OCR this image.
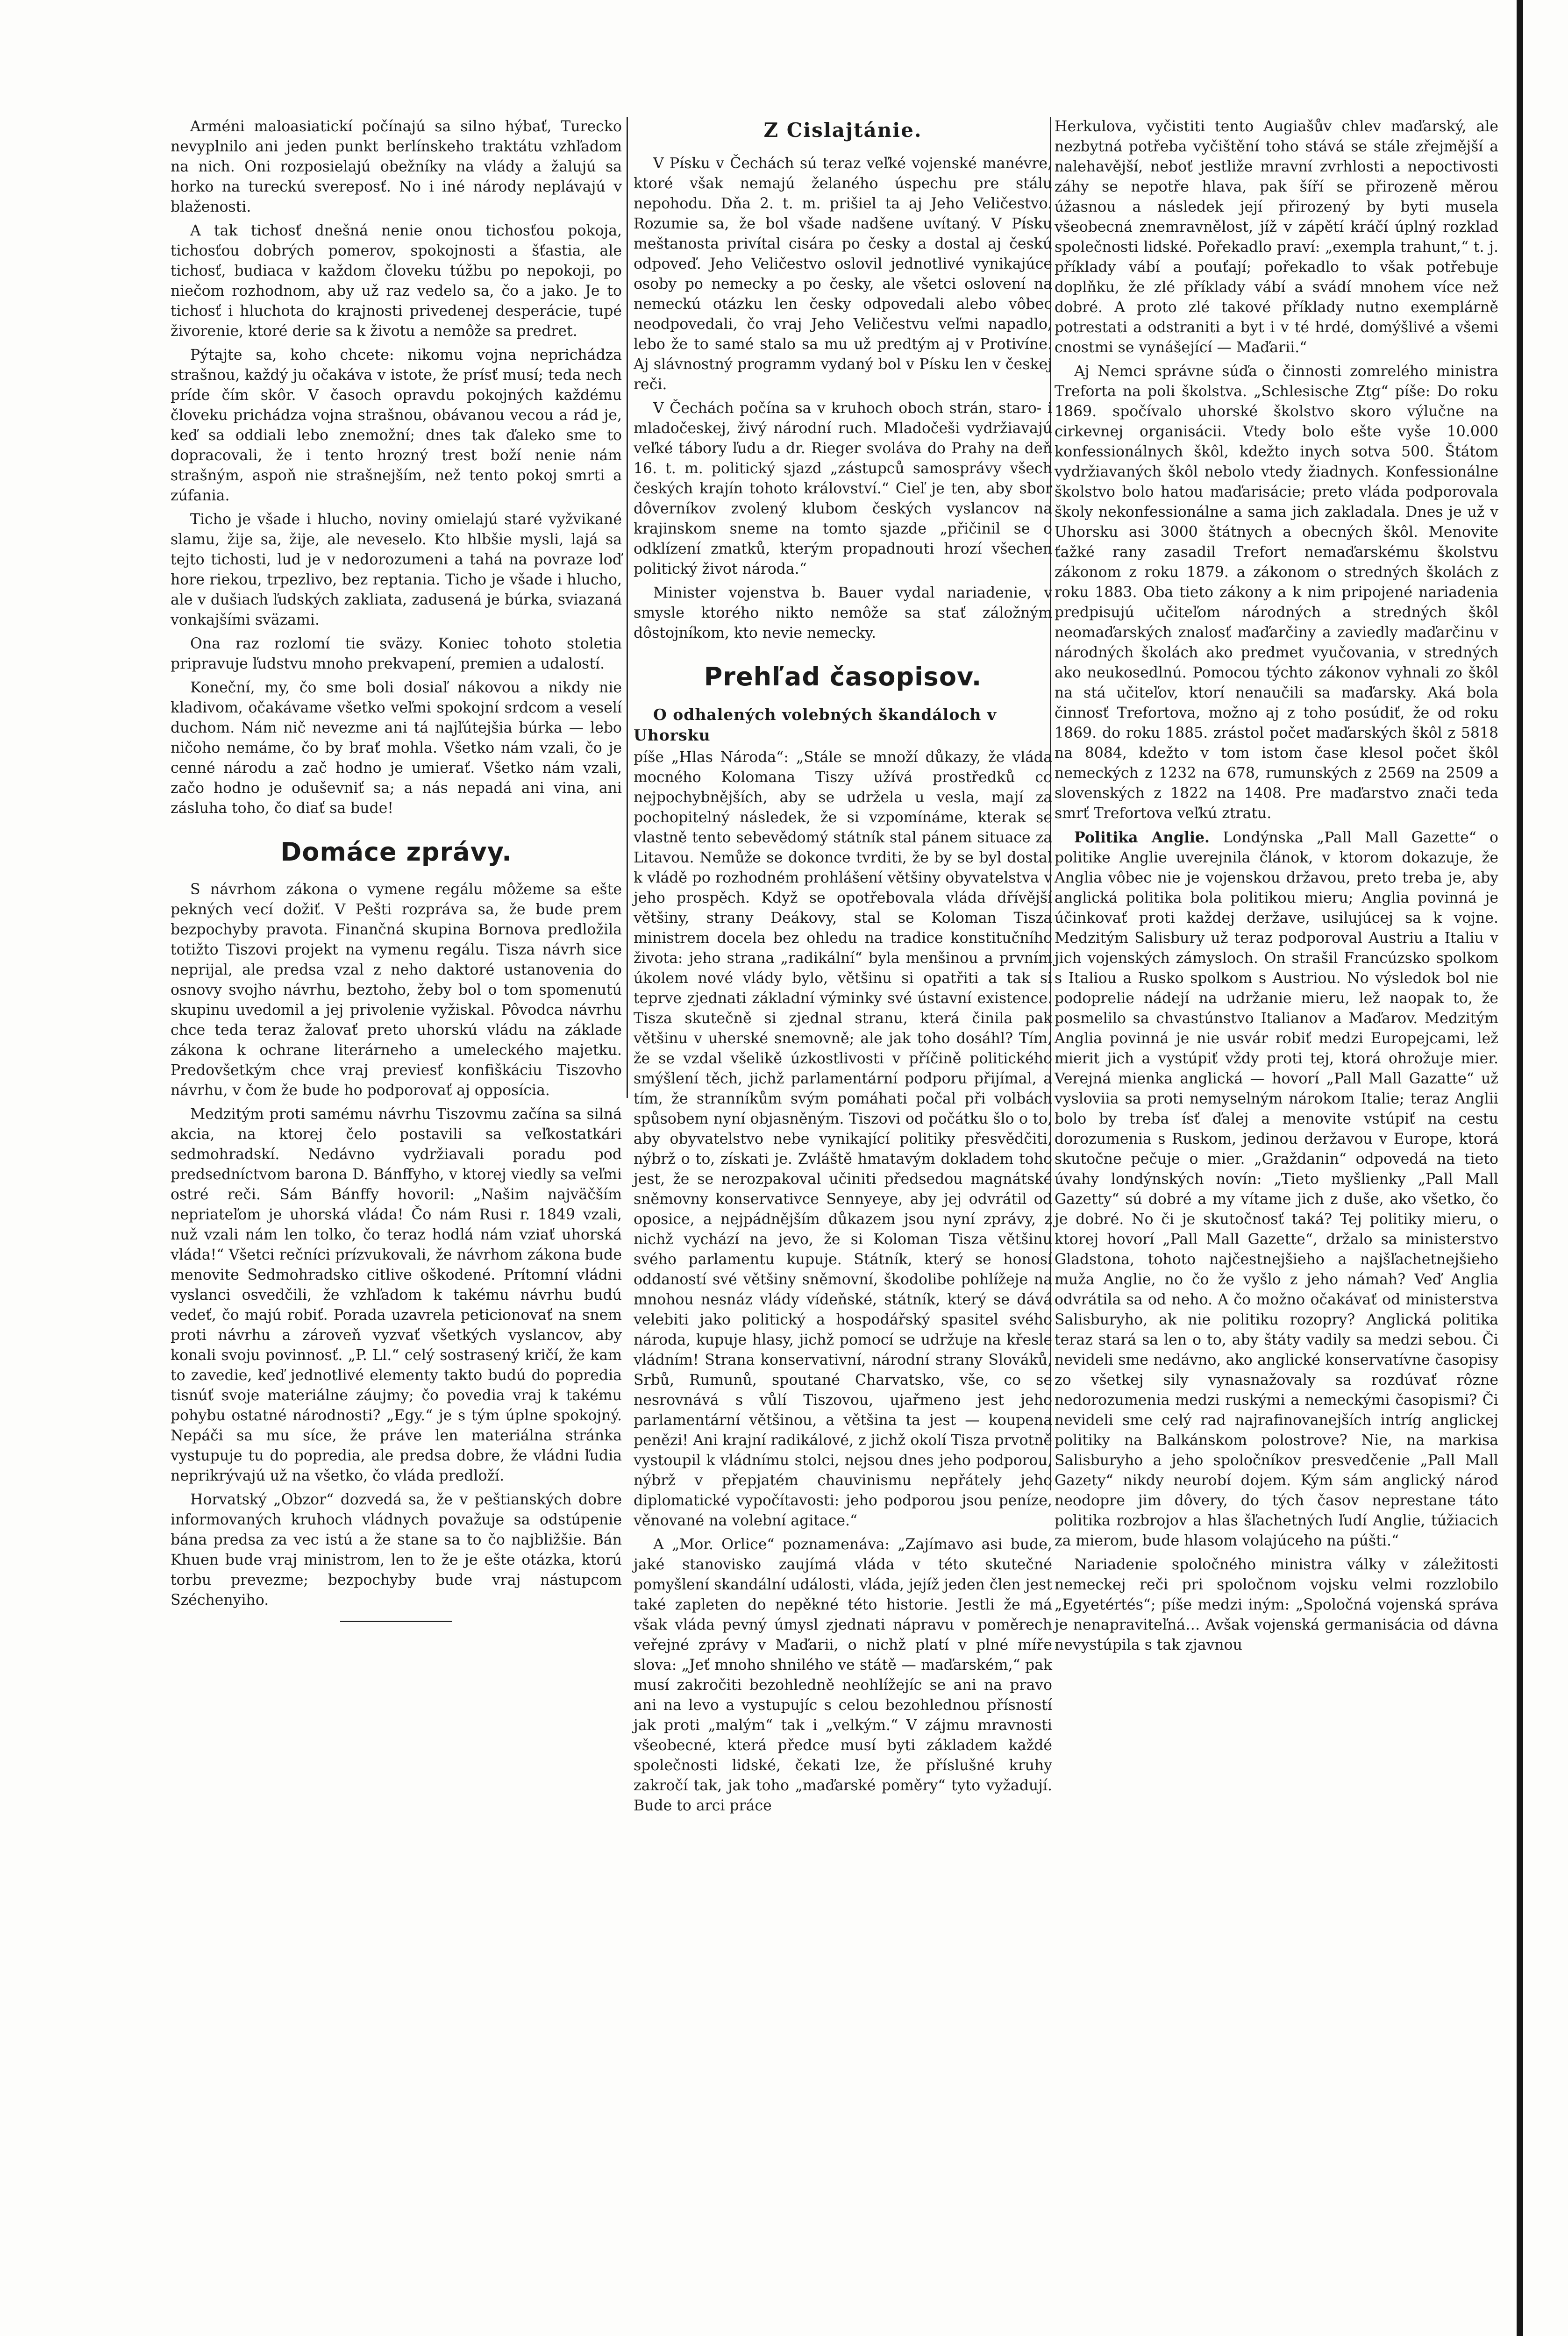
Arméni maloasiatickí počínajú sa silno hýbať, Turecko nevyplnilo ani jeden punkt berlínskeho traktátu vzhľadom na nich. Oni rozposielajú obežníky na vlády a žalujú sa horko na tureckú svereposť. No i iné národy neplávajú v blaženosti.

A tak tichosť dnešná nenie onou tichosťou pokoja, tichosťou dobrých pomerov, spokojnosti a šťastia, ale tichosť, budiaca v každom človeku túžbu po nepokoji, po niečom rozhodnom, aby už raz vedelo sa, čo a jako. Je to tichosť i hluchota do krajnosti privedenej desperácie, tupé živorenie, ktoré derie sa k životu a nemôže sa predret.

Pýtajte sa, koho chcete: nikomu vojna neprichádza strašnou, každý ju očakáva v istote, že prísť musí; teda nech príde čím skôr. V časoch opravdu pokojných každému človeku prichádza vojna strašnou, obávanou vecou a rád je, keď sa oddiali lebo znemožní; dnes tak ďaleko sme to dopracovali, že i tento hrozný trest boží nenie nám strašným, aspoň nie strašnejším, než tento pokoj smrti a zúfania.

Ticho je všade i hlucho, noviny omielajú staré vyžvikané slamu, žije sa, žije, ale neveselo. Kto hlbšie mysli, lajá sa tejto tichosti, lud je v nedorozumeni a tahá na povraze loď hore riekou, trpezlivo, bez reptania. Ticho je všade i hlucho, ale v dušiach ľudských zakliata, zadusená je búrka, sviazaná vonkajšími sväzami.

Ona raz rozlomí tie sväzy. Koniec tohoto stoletia pripravuje ľudstvu mnoho prekvapení, premien a udalostí.

Koneční, my, čo sme boli dosiaľ nákovou a nikdy nie kladivom, očakávame všetko veľmi spokojní srdcom a veselí duchom. Nám nič nevezme ani tá najľútejšia búrka — lebo ničoho nemáme, čo by brať mohla. Všetko nám vzali, čo je cenné národu a zač hodno je umierať. Všetko nám vzali, začo hodno je oduševniť sa; a nás nepadá ani vina, ani zásluha toho, čo diať sa bude!

Domáce zprávy.

S návrhom zákona o vymene regálu môžeme sa ešte pekných vecí dožiť. V Pešti rozpráva sa, že bude prem bezpochyby pravota. Finančná skupina Bornova predložila totižto Tiszovi projekt na vymenu regálu. Tisza návrh sice neprijal, ale predsa vzal z neho daktoré ustanovenia do osnovy svojho návrhu, beztoho, žeby bol o tom spomenutú skupinu uvedomil a jej privolenie vyžiskal. Pôvodca návrhu chce teda teraz žalovať preto uhorskú vládu na základe zákona k ochrane literárneho a umeleckého majetku. Predovšetkým chce vraj previesť konfiškáciu Tiszovho návrhu, v čom že bude ho podporovať aj opposícia.

Medzitým proti samému návrhu Tiszovmu začína sa silná akcia, na ktorej čelo postavili sa veľkostatkári sedmohradskí. Nedávno vydržiavali poradu pod predsedníctvom barona D. Bánffyho, v ktorej viedly sa veľmi ostré reči. Sám Bánffy hovoril: „Našim najväčším nepriateľom je uhorská vláda! Čo nám Rusi r. 1849 vzali, nuž vzali nám len tolko, čo teraz hodlá nám vziať uhorská vláda!“ Všetci rečníci prízvukovali, že návrhom zákona bude menovite Sedmohradsko citlive oškodené. Prítomní vládni vyslanci osvedčili, že vzhľadom k takému návrhu budú vedeť, čo majú robiť. Porada uzavrela peticionovať na snem proti návrhu a zároveň vyzvať všetkých vyslancov, aby konali svoju povinnosť. „P. Ll.“ celý sostrasený kričí, že kam to zavedie, keď jednotlivé elementy takto budú do popredia tisnúť svoje materiálne záujmy; čo povedia vraj k takému pohybu ostatné národnosti? „Egy.“ je s tým úplne spokojný. Nepáči sa mu síce, že práve len materiálna stránka vystupuje tu do popredia, ale predsa dobre, že vládni ľudia neprikrývajú už na všetko, čo vláda predloží.

Horvatský „Obzor“ dozvedá sa, že v peštianských dobre informovaných kruhoch vládnych považuje sa odstúpenie bána predsa za vec istú a že stane sa to čo najbližšie. Bán Khuen bude vraj ministrom, len to že je ešte otázka, ktorú torbu prevezme; bezpochyby bude vraj nástupcom Széchenyiho.

Z Cislajtánie.

V Písku v Čechách sú teraz veľké vojenské manévre, ktoré však nemajú želaného úspechu pre stálu nepohodu. Dňa 2. t. m. prišiel ta aj Jeho Veličestvo. Rozumie sa, že bol všade nadšene uvítaný. V Písku meštanosta privítal cisára po česky a dostal aj českú odpoveď. Jeho Veličestvo oslovil jednotlivé vynikajúce osoby po nemecky a po česky, ale všetci oslovení na nemeckú otázku len česky odpovedali alebo vôbec neodpovedali, čo vraj Jeho Veličestvu veľmi napadlo, lebo že to samé stalo sa mu už predtým aj v Protivíne. Aj slávnostný programm vydaný bol v Písku len v českej reči.

V Čechách počína sa v kruhoch oboch strán, staro- i mladočeskej, živý národní ruch. Mladočeši vydržiavajú veľké tábory ľudu a dr. Rieger svoláva do Prahy na deň 16. t. m. politický sjazd „zástupců samosprávy všech českých krajín tohoto království.“ Cieľ je ten, aby sbor dôverníkov zvolený klubom českých vyslancov na krajinskom sneme na tomto sjazde „přičinil se o odklízení zmatků, kterým propadnouti hrozí všechen politický život národa.“

Minister vojenstva b. Bauer vydal nariadenie, v smysle ktorého nikto nemôže sa stať záložným dôstojníkom, kto nevie nemecky.

Prehľad časopisov.
O odhalených volebných škandáloch v Uhorsku

píše „Hlas Národa“: „Stále se množí důkazy, že vláda mocného Kolomana Tiszy užívá prostředků co nejpochybnějších, aby se udržela u vesla, mají za pochopitelný následek, že si vzpomínáme, kterak se vlastně tento sebevědomý státník stal pánem situace za Litavou. Nemůže se dokonce tvrditi, že by se byl dostal k vládě po rozhodném prohlášení většiny obyvatelstva v jeho prospěch. Když se opotřebovala vláda dřívější většiny, strany Deákovy, stal se Koloman Tisza ministrem docela bez ohledu na tradice konstitučního života: jeho strana „radikální“ byla menšinou a prvním úkolem nové vlády bylo, většinu si opatřiti a tak si teprve zjednati základní výminky své ústavní existence. Tisza skutečně si zjednal stranu, která činila pak většinu v uherské snemovně; ale jak toho dosáhl? Tím, že se vzdal všelikě úzkostlivosti v příčině politického smýšlení těch, jichž parlamentární podporu přijímal, a tím, že stranníkům svým pomáhati počal při volbách spůsobem nyní objasněným. Tiszovi od počátku šlo o to, aby obyvatelstvo nebe vynikající politiky přesvědčiti, nýbrž o to, získati je. Zvláště hmatavým dokladem toho jest, že se nerozpakoval učiniti předsedou magnátské sněmovny konservativce Sennyeye, aby jej odvrátil od oposice, a nejpádnějším důkazem jsou nyní zprávy, z nichž vychází na jevo, že si Koloman Tisza většinu svého parlamentu kupuje. Státník, který se honosí oddaností své většiny sněmovní, škodolibe pohlížeje na mnohou nesnáz vlády vídeňské, státník, který se dává velebiti jako politický a hospodářský spasitel svého národa, kupuje hlasy, jichž pomocí se udržuje na křesle vládním! Strana konservativní, národní strany Slováků, Srbů, Rumunů, spoutané Charvatsko, vše, co se nesrovnává s vůlí Tiszovou, ujařmeno jest jeho parlamentární většinou, a většina ta jest — koupena penězi! Ani krajní radikálové, z jichž okolí Tisza prvotně vystoupil k vládnímu stolci, nejsou dnes jeho podporou, nýbrž v přepjatém chauvinismu nepřátely jeho diplomatické vypočítavosti: jeho podporou jsou peníze, věnované na volební agitace.“

A „Mor. Orlice“ poznamenáva: „Zajímavo asi bude, jaké stanovisko zaujímá vláda v této skutečné pomyšlení skandální události, vláda, jejíž jeden člen jest také zapleten do nepěkné této historie. Jestli že má však vláda pevný úmysl zjednati nápravu v poměrech veřejné zprávy v Maďarii, o nichž platí v plné míře slova: „Jeť mnoho shnilého ve státě — maďarském,“ pak musí zakročiti bezohledně neohlížejíc se ani na pravo ani na levo a vystupujíc s celou bezohlednou přísností jak proti „malým“ tak i „velkým.“ V zájmu mravnosti všeobecné, která předce musí byti základem každé společnosti lidské, čekati lze, že příslušné kruhy zakročí tak, jak toho „maďarské poměry“ tyto vyžadují. Bude to arci práce

Herkulova, vyčistiti tento Augiašův chlev maďarský, ale nezbytná potřeba vyčištění toho stává se stále zřejmější a nalehavější, neboť jestliže mravní zvrhlosti a nepoctivosti záhy se nepotře hlava, pak šíří se přirozeně měrou úžasnou a následek její přirozený by byti musela všeobecná znemravnělost, jíž v zápětí kráčí úplný rozklad společnosti lidské. Pořekadlo praví: „exempla trahunt,“ t. j. příklady vábí a pouťají; pořekadlo to však potřebuje doplňku, že zlé příklady vábí a svádí mnohem více než dobré. A proto zlé takové příklady nutno exemplárně potrestati a odstraniti a byt i v té hrdé, domýšlivé a všemi cnostmi se vynášející — Maďarii.“

Aj Nemci správne súďa o činnosti zomrelého ministra Treforta na poli školstva. „Schlesische Ztg“ píše: Do roku 1869. spočívalo uhorské školstvo skoro výlučne na cirkevnej organisácii. Vtedy bolo ešte vyše 10.000 konfessionálnych škôl, kdežto inych sotva 500. Štátom vydržiavaných škôl nebolo vtedy žiadnych. Konfessionálne školstvo bolo hatou maďarisácie; preto vláda podporovala školy nekonfessionálne a sama jich zakladala. Dnes je už v Uhorsku asi 3000 štátnych a obecných škôl. Menovite ťažké rany zasadil Trefort nemaďarskému školstvu zákonom z roku 1879. a zákonom o stredných školách z roku 1883. Oba tieto zákony a k nim pripojené nariadenia predpisujú učiteľom národných a stredných škôl neomaďarských znalosť maďarčiny a zaviedly maďarčinu v národných školách ako predmet vyučovania, v stredných ako neukosedlnú. Pomocou týchto zákonov vyhnali zo škôl na stá učiteľov, ktorí nenaučili sa maďarsky. Aká bola činnosť Trefortova, možno aj z toho posúdiť, že od roku 1869. do roku 1885. zrástol počet maďarských škôl z 5818 na 8084, kdežto v tom istom čase klesol počet škôl nemeckých z 1232 na 678, rumunských z 2569 na 2509 a slovenských z 1822 na 1408. Pre maďarstvo znači teda smrť Trefortova veľkú ztratu.

Politika Anglie. Londýnska „Pall Mall Gazette“ o politike Anglie uverejnila článok, v ktorom dokazuje, že Anglia vôbec nie je vojenskou državou, preto treba je, aby anglická politika bola politikou mieru; Anglia povinná je účinkovať proti každej deržave, usilujúcej sa k vojne. Medzitým Salisbury už teraz podporoval Austriu a Italiu v jich vojenských zámysloch. On strašil Francúzsko spolkom s Italiou a Rusko spolkom s Austriou. No výsledok bol nie podoprelie nádejí na udržanie mieru, lež naopak to, že posmelilo sa chvastúnstvo Italianov a Maďarov. Medzitým Anglia povinná je nie usvár robiť medzi Europejcami, lež mierit jich a vystúpiť vždy proti tej, ktorá ohrožuje mier. Verejná mienka anglická — hovorí „Pall Mall Gazatte“ už vysloviia sa proti nemyselným nárokom Italie; teraz Anglii bolo by treba ísť ďalej a menovite vstúpiť na cestu dorozumenia s Ruskom, jedinou deržavou v Europe, ktorá skutočne pečuje o mier. „Graždanin“ odpovedá na tieto úvahy londýnských novín: „Tieto myšlienky „Pall Mall Gazetty“ sú dobré a my vítame jich z duše, ako všetko, čo je dobré. No či je skutočnosť taká? Tej politiky mieru, o ktorej hovorí „Pall Mall Gazette“, držalo sa ministerstvo Gladstona, tohoto najčestnejšieho a najšľachetnejšieho muža Anglie, no čo že vyšlo z jeho námah? Veď Anglia odvrátila sa od neho. A čo možno očakávať od ministerstva Salisburyho, ak nie politiku rozopry? Anglická politika teraz stará sa len o to, aby štáty vadily sa medzi sebou. Či nevideli sme nedávno, ako anglické konservatívne časopisy zo všetkej sily vynasnažovaly sa rozdúvať rôzne nedorozumenia medzi ruskými a nemeckými časopismi? Či nevideli sme celý rad najrafinovanejších intríg anglickej politiky na Balkánskom polostrove? Nie, na markisa Salisburyho a jeho spoločníkov presvedčenie „Pall Mall Gazety“ nikdy neurobí dojem. Kým sám anglický národ neodopre jim dôvery, do tých časov neprestane táto politika rozbrojov a hlas šľachetných ľudí Anglie, túžiacich za mierom, bude hlasom volajúceho na púšti.“

Nariadenie spoločného ministra války v záležitosti nemeckej reči pri spoločnom vojsku velmi rozzlobilo „Egyetértés“; píše medzi iným: „Spoločná vojenská správa je nenapraviteľná… Avšak vojenská germanisácia od dávna nevystúpila s tak zjavnou
